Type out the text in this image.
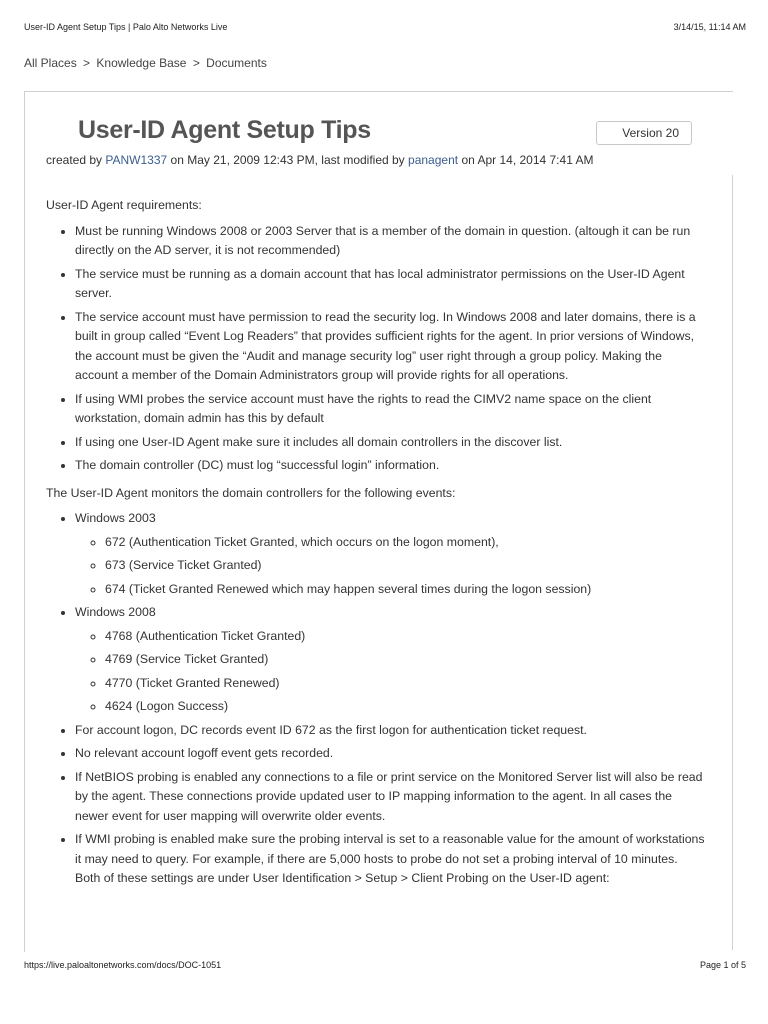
User-ID Agent Setup Tips | Palo Alto Networks Live	3/14/15, 11:14 AM
All Places > Knowledge Base > Documents
User-ID Agent Setup Tips	Version 20
created by PANW1337 on May 21, 2009 12:43 PM, last modified by panagent on Apr 14, 2014 7:41 AM

User-ID Agent requirements:

• Must be running Windows 2008 or 2003 Server that is a member of the domain in question. (altough it can be run directly on the AD server, it is not recommended)
• The service must be running as a domain account that has local administrator permissions on the User-ID Agent server.
• The service account must have permission to read the security log. In Windows 2008 and later domains, there is a built in group called “Event Log Readers” that provides sufficient rights for the agent. In prior versions of Windows, the account must be given the “Audit and manage security log” user right through a group policy. Making the account a member of the Domain Administrators group will provide rights for all operations.
• If using WMI probes the service account must have the rights to read the CIMV2 name space on the client workstation, domain admin has this by default
• If using one User-ID Agent make sure it includes all domain controllers in the discover list.
• The domain controller (DC) must log “successful login” information.

The User-ID Agent monitors the domain controllers for the following events:

• Windows 2003
◦ 672 (Authentication Ticket Granted, which occurs on the logon moment),
◦ 673 (Service Ticket Granted)
◦ 674 (Ticket Granted Renewed which may happen several times during the logon session)
• Windows 2008
◦ 4768 (Authentication Ticket Granted)
◦ 4769 (Service Ticket Granted)
◦ 4770 (Ticket Granted Renewed)
◦ 4624 (Logon Success)
• For account logon, DC records event ID 672 as the first logon for authentication ticket request.
• No relevant account logoff event gets recorded.
• If NetBIOS probing is enabled any connections to a file or print service on the Monitored Server list will also be read by the agent. These connections provide updated user to IP mapping information to the agent. In all cases the newer event for user mapping will overwrite older events.
• If WMI probing is enabled make sure the probing interval is set to a reasonable value for the amount of workstations it may need to query. For example, if there are 5,000 hosts to probe do not set a probing interval of 10 minutes. Both of these settings are under User Identification > Setup > Client Probing on the User-ID agent:
https://live.paloaltonetworks.com/docs/DOC-1051	Page 1 of 5
